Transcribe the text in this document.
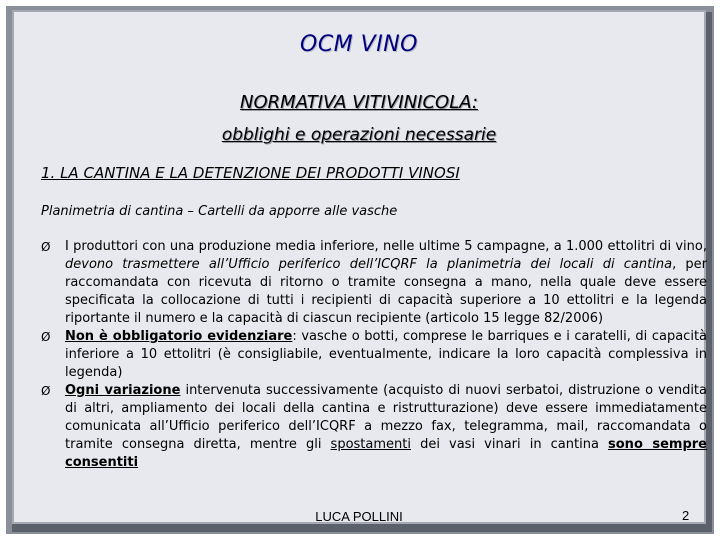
OCM VINO
NORMATIVA VITIVINICOLA:
obblighi e operazioni necessarie
1. LA CANTINA E LA DETENZIONE DEI PRODOTTI VINOSI
Planimetria di cantina – Cartelli da apporre alle vasche
Ø	I produttori con una produzione media inferiore, nelle ultime 5 campagne, a 1.000 ettolitri di vino, devono trasmettere all’Ufficio periferico dell’ICQRF la planimetria dei locali di cantina, per raccomandata con ricevuta di ritorno o tramite consegna a mano, nella quale deve essere specificata la collocazione di tutti i recipienti di capacità superiore a 10 ettolitri e la legenda riportante il numero e la capacità di ciascun recipiente (articolo 15 legge 82/2006)
Ø	Non è obbligatorio evidenziare: vasche o botti, comprese le barriques e i caratelli, di capacità inferiore a 10 ettolitri (è consigliabile, eventualmente, indicare la loro capacità complessiva in legenda)
Ø	Ogni variazione intervenuta successivamente (acquisto di nuovi serbatoi, distruzione o vendita di altri, ampliamento dei locali della cantina e ristrutturazione) deve essere immediatamente comunicata all’Ufficio periferico dell’ICQRF a mezzo fax, telegramma, mail, raccomandata o tramite consegna diretta, mentre gli spostamenti dei vasi vinari in cantina sono sempre consentiti
LUCA POLLINI	2
